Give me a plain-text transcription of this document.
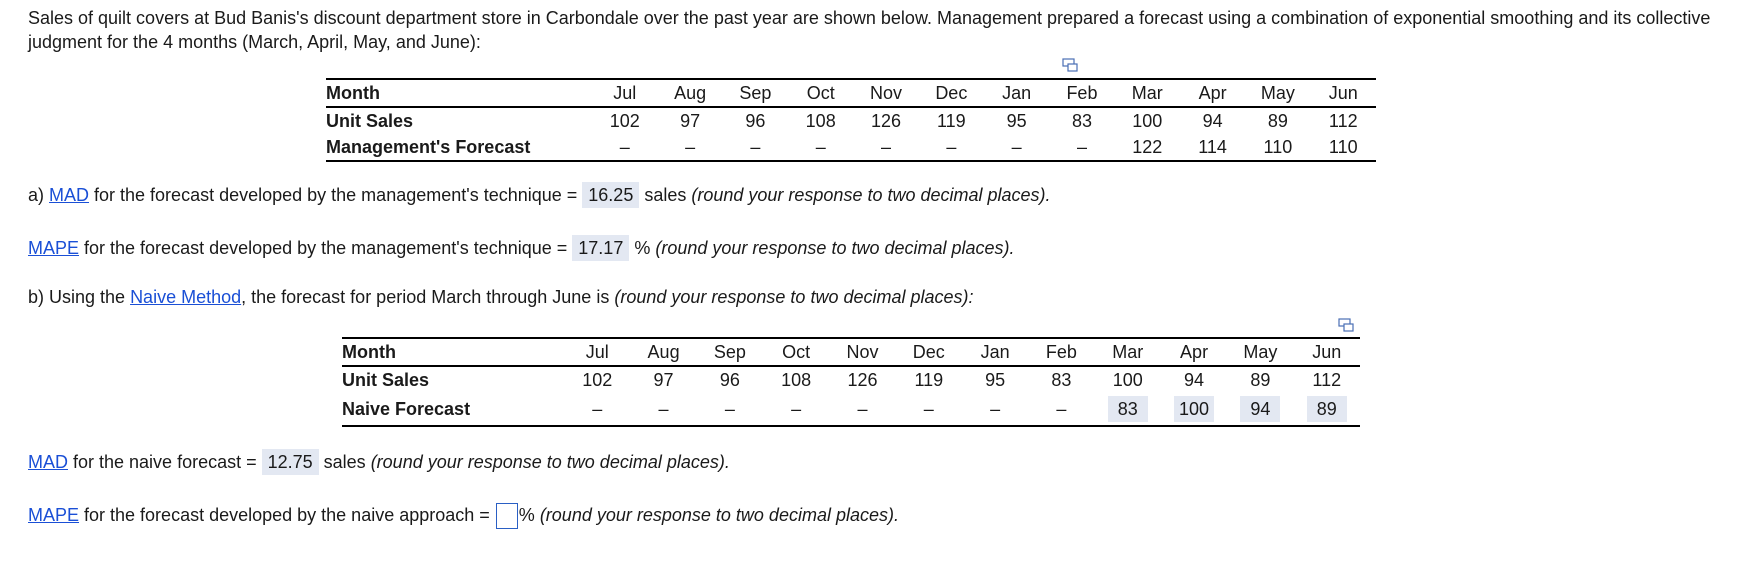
Sales of quilt covers at Bud Banis's discount department store in Carbondale over the past year are shown below. Management prepared a forecast using a combination of exponential smoothing and its collective judgment for the 4 months (March, April, May, and June):
Month	Jul	Aug	Sep	Oct	Nov	Dec	Jan	Feb	Mar	Apr	May	Jun
Unit Sales	102	97	96	108	126	119	95	83	100	94	89	112
Management's Forecast	–	–	–	–	–	–	–	–	122	114	110	110
a) MAD for the forecast developed by the management's technique = 16.25 sales (round your response to two decimal places).
MAPE for the forecast developed by the management's technique = 17.17 % (round your response to two decimal places).
b) Using the Naive Method, the forecast for period March through June is (round your response to two decimal places):
Month	Jul	Aug	Sep	Oct	Nov	Dec	Jan	Feb	Mar	Apr	May	Jun
Unit Sales	102	97	96	108	126	119	95	83	100	94	89	112
Naive Forecast	–	–	–	–	–	–	–	–	83	100	94	89
MAD for the naive forecast = 12.75 sales (round your response to two decimal places).
MAPE for the forecast developed by the naive approach = % (round your response to two decimal places).
